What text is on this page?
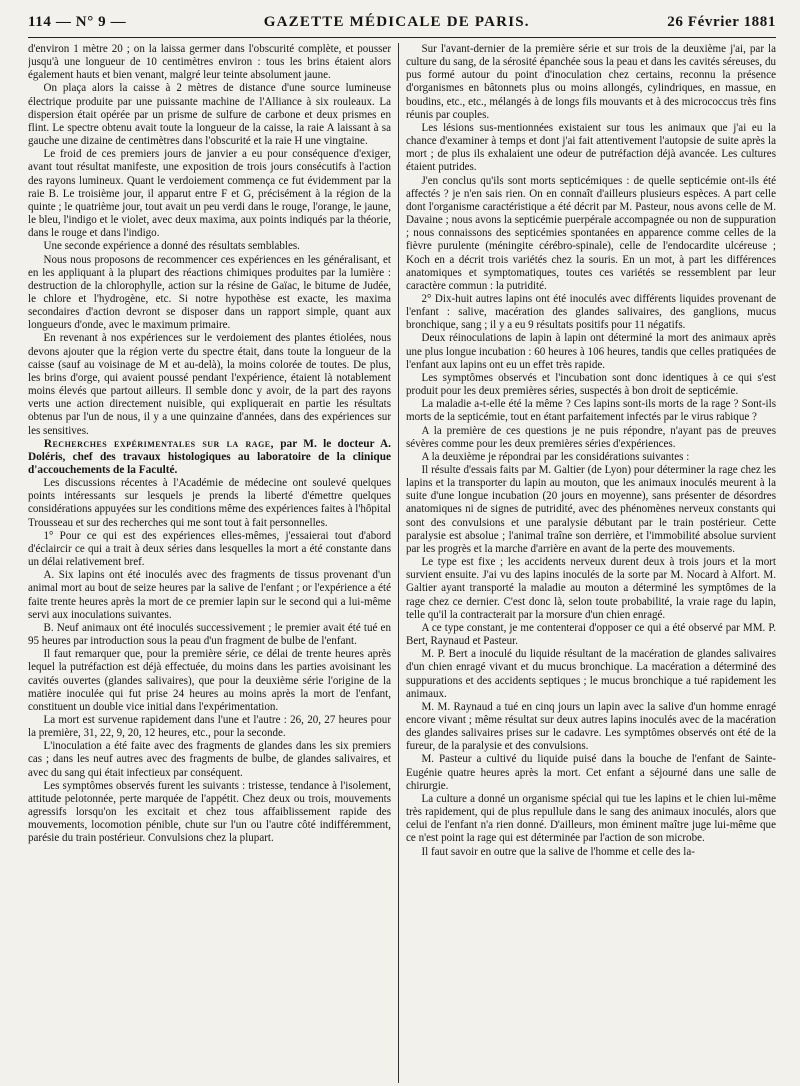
114 — N° 9 —	GAZETTE MÉDICALE DE PARIS.	26 Février 1881

d'environ 1 mètre 20 ; on la laissa germer dans l'obscurité complète, et pousser jusqu'à une longueur de 10 centimètres environ : tous les brins étaient alors également hauts et bien venant, malgré leur teinte absolument jaune.

On plaça alors la caisse à 2 mètres de distance d'une source lumineuse électrique produite par une puissante machine de l'Alliance à six rouleaux. La dispersion était opérée par un prisme de sulfure de carbone et deux prismes en flint. Le spectre obtenu avait toute la longueur de la caisse, la raie A laissant à sa gauche une dizaine de centimètres dans l'obscurité et la raie H une vingtaine.

Le froid de ces premiers jours de janvier a eu pour conséquence d'exiger, avant tout résultat manifeste, une exposition de trois jours consécutifs à l'action des rayons lumineux. Quant le verdoiement commença ce fut évidemment par la raie B. Le troisième jour, il apparut entre F et G, précisément à la région de la quinte ; le quatrième jour, tout avait un peu verdi dans le rouge, l'orange, le jaune, le bleu, l'indigo et le violet, avec deux maxima, aux points indiqués par la théorie, dans le rouge et dans l'indigo.

Une seconde expérience a donné des résultats semblables.

Nous nous proposons de recommencer ces expériences en les généralisant, et en les appliquant à la plupart des réactions chimiques produites par la lumière : destruction de la chlorophylle, action sur la résine de Gaïac, le bitume de Judée, le chlore et l'hydrogène, etc. Si notre hypothèse est exacte, les maxima secondaires d'action devront se disposer dans un rapport simple, quant aux longueurs d'onde, avec le maximum primaire.

En revenant à nos expériences sur le verdoiement des plantes étiolées, nous devons ajouter que la région verte du spectre était, dans toute la longueur de la caisse (sauf au voisinage de M et au-delà), la moins colorée de toutes. De plus, les brins d'orge, qui avaient poussé pendant l'expérience, étaient là notablement moins élevés que partout ailleurs. Il semble donc y avoir, de la part des rayons verts une action directement nuisible, qui expliquerait en partie les résultats obtenus par l'un de nous, il y a une quinzaine d'années, dans des expériences sur les sensitives.

Recherches expérimentales sur la rage, par M. le docteur A. Doléris, chef des travaux histologiques au laboratoire de la clinique d'accouchements de la Faculté.

Les discussions récentes à l'Académie de médecine ont soulevé quelques points intéressants sur lesquels je prends la liberté d'émettre quelques considérations appuyées sur les conditions même des expériences faites à l'hôpital Trousseau et sur des recherches qui me sont tout à fait personnelles.

1° Pour ce qui est des expériences elles-mêmes, j'essaierai tout d'abord d'éclaircir ce qui a trait à deux séries dans lesquelles la mort a été constante dans un délai relativement bref.

A. Six lapins ont été inoculés avec des fragments de tissus provenant d'un animal mort au bout de seize heures par la salive de l'enfant ; or l'expérience a été faite trente heures après la mort de ce premier lapin sur le second qui a lui-même servi aux inoculations suivantes.

B. Neuf animaux ont été inoculés successivement ; le premier avait été tué en 95 heures par introduction sous la peau d'un fragment de bulbe de l'enfant.

Il faut remarquer que, pour la première série, ce délai de trente heures après lequel la putréfaction est déjà effectuée, du moins dans les parties avoisinant les cavités ouvertes (glandes salivaires), que pour la deuxième série l'origine de la matière inoculée qui fut prise 24 heures au moins après la mort de l'enfant, constituent un double vice initial dans l'expérimentation.

La mort est survenue rapidement dans l'une et l'autre : 26, 20, 27 heures pour la première, 31, 22, 9, 20, 12 heures, etc., pour la seconde.

L'inoculation a été faite avec des fragments de glandes dans les six premiers cas ; dans les neuf autres avec des fragments de bulbe, de glandes salivaires, et avec du sang qui était infectieux par conséquent.

Les symptômes observés furent les suivants : tristesse, tendance à l'isolement, attitude pelotonnée, perte marquée de l'appétit. Chez deux ou trois, mouvements agressifs lorsqu'on les excitait et chez tous affaiblissement rapide des mouvements, locomotion pénible, chute sur l'un ou l'autre côté indifféremment, parésie du train postérieur. Convulsions chez la plupart.

Sur l'avant-dernier de la première série et sur trois de la deuxième j'ai, par la culture du sang, de la sérosité épanchée sous la peau et dans les cavités séreuses, du pus formé autour du point d'inoculation chez certains, reconnu la présence d'organismes en bâtonnets plus ou moins allongés, cylindriques, en massue, en boudins, etc., etc., mélangés à de longs fils mouvants et à des micrococcus très fins réunis par couples.

Les lésions sus-mentionnées existaient sur tous les animaux que j'ai eu la chance d'examiner à temps et dont j'ai fait attentivement l'autopsie de suite après la mort ; de plus ils exhalaient une odeur de putréfaction déjà avancée. Les cultures étaient putrides.

J'en conclus qu'ils sont morts septicémiques : de quelle septicémie ont-ils été affectés ? je n'en sais rien. On en connaît d'ailleurs plusieurs espèces. A part celle dont l'organisme caractéristique a été décrit par M. Pasteur, nous avons celle de M. Davaine ; nous avons la septicémie puerpérale accompagnée ou non de suppuration ; nous connaissons des septicémies spontanées en apparence comme celles de la fièvre purulente (méningite cérébro-spinale), celle de l'endocardite ulcéreuse ; Koch en a décrit trois variétés chez la souris. En un mot, à part les différences anatomiques et symptomatiques, toutes ces variétés se ressemblent par leur caractère commun : la putridité.

2° Dix-huit autres lapins ont été inoculés avec différents liquides provenant de l'enfant : salive, macération des glandes salivaires, des ganglions, mucus bronchique, sang ; il y a eu 9 résultats positifs pour 11 négatifs.

Deux réinoculations de lapin à lapin ont déterminé la mort des animaux après une plus longue incubation : 60 heures à 106 heures, tandis que celles pratiquées de l'enfant aux lapins ont eu un effet très rapide.

Les symptômes observés et l'incubation sont donc identiques à ce qui s'est produit pour les deux premières séries, suspectés à bon droit de septicémie.

La maladie a-t-elle été la même ? Ces lapins sont-ils morts de la rage ? Sont-ils morts de la septicémie, tout en étant parfaitement infectés par le virus rabique ?

A la première de ces questions je ne puis répondre, n'ayant pas de preuves sévères comme pour les deux premières séries d'expériences.

A la deuxième je répondrai par les considérations suivantes :

Il résulte d'essais faits par M. Galtier (de Lyon) pour déterminer la rage chez les lapins et la transporter du lapin au mouton, que les animaux inoculés meurent à la suite d'une longue incubation (20 jours en moyenne), sans présenter de désordres anatomiques ni de signes de putridité, avec des phénomènes nerveux constants qui sont des convulsions et une paralysie débutant par le train postérieur. Cette paralysie est absolue ; l'animal traîne son derrière, et l'immobilité absolue survient par les progrès et la marche d'arrière en avant de la perte des mouvements.

Le type est fixe ; les accidents nerveux durent deux à trois jours et la mort survient ensuite. J'ai vu des lapins inoculés de la sorte par M. Nocard à Alfort. M. Galtier ayant transporté la maladie au mouton a déterminé les symptômes de la rage chez ce dernier. C'est donc là, selon toute probabilité, la vraie rage du lapin, telle qu'il la contracterait par la morsure d'un chien enragé.

A ce type constant, je me contenterai d'opposer ce qui a été observé par MM. P. Bert, Raynaud et Pasteur.

M. P. Bert a inoculé du liquide résultant de la macération de glandes salivaires d'un chien enragé vivant et du mucus bronchique. La macération a déterminé des suppurations et des accidents septiques ; le mucus bronchique a tué rapidement les animaux.

M. M. Raynaud a tué en cinq jours un lapin avec la salive d'un homme enragé encore vivant ; même résultat sur deux autres lapins inoculés avec de la macération des glandes salivaires prises sur le cadavre. Les symptômes observés ont été de la fureur, de la paralysie et des convulsions.

M. Pasteur a cultivé du liquide puisé dans la bouche de l'enfant de Sainte-Eugénie quatre heures après la mort. Cet enfant a séjourné dans une salle de chirurgie.

La culture a donné un organisme spécial qui tue les lapins et le chien lui-même très rapidement, qui de plus repullule dans le sang des animaux inoculés, alors que celui de l'enfant n'a rien donné. D'ailleurs, mon éminent maître juge lui-même que ce n'est point la rage qui est déterminée par l'action de son microbe.

Il faut savoir en outre que la salive de l'homme et celle des la-
